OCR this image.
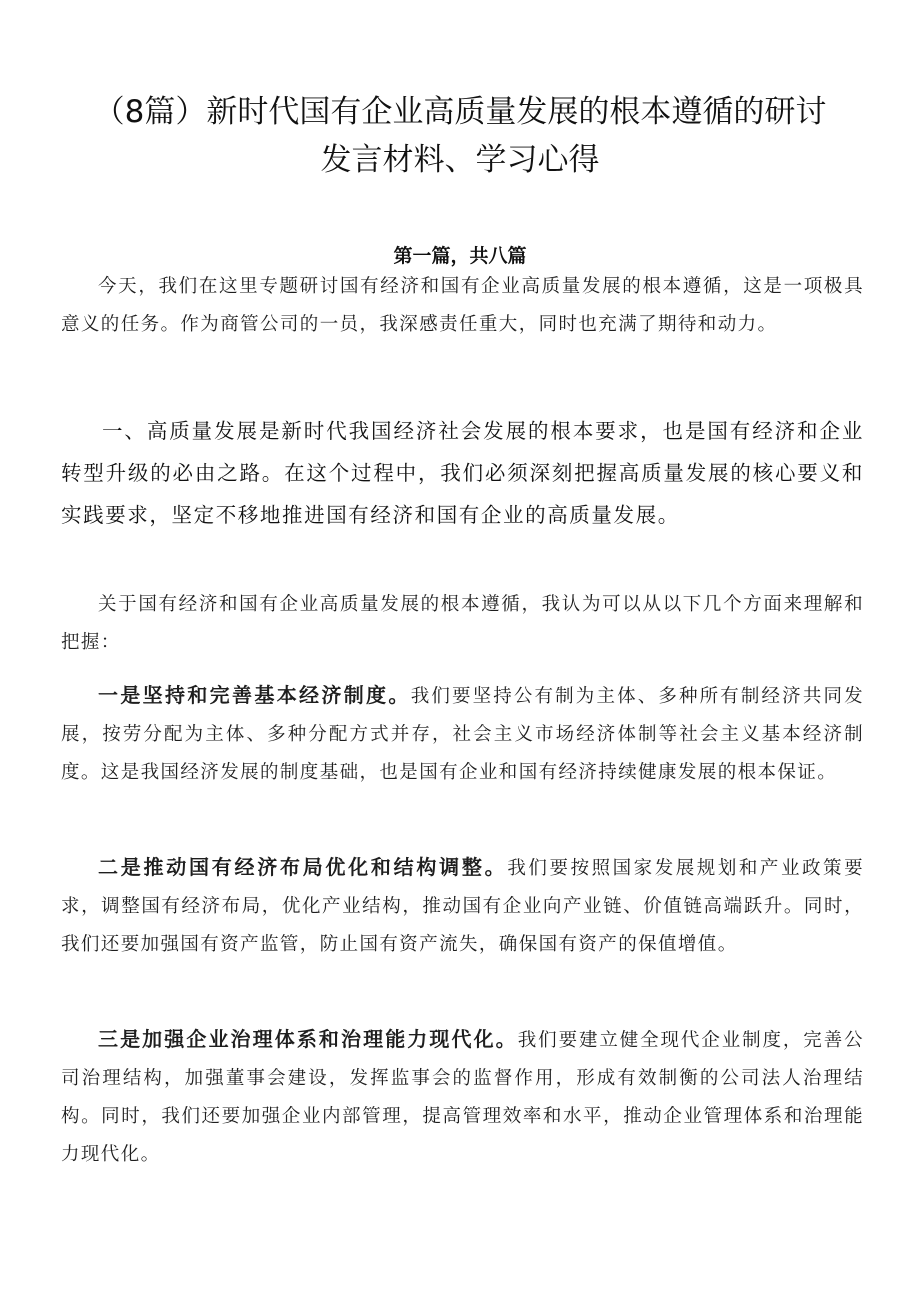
（8篇）新时代国有企业高质量发展的根本遵循的研讨
发言材料、学习心得
第一篇，共八篇

今天，我们在这里专题研讨国有经济和国有企业高质量发展的根本遵循，这是一项极具意义的任务。作为商管公司的一员，我深感责任重大，同时也充满了期待和动力。

一、高质量发展是新时代我国经济社会发展的根本要求，也是国有经济和企业转型升级的必由之路。在这个过程中，我们必须深刻把握高质量发展的核心要义和实践要求，坚定不移地推进国有经济和国有企业的高质量发展。

关于国有经济和国有企业高质量发展的根本遵循，我认为可以从以下几个方面来理解和把握：

一是坚持和完善基本经济制度。我们要坚持公有制为主体、多种所有制经济共同发展，按劳分配为主体、多种分配方式并存，社会主义市场经济体制等社会主义基本经济制度。这是我国经济发展的制度基础，也是国有企业和国有经济持续健康发展的根本保证。

二是推动国有经济布局优化和结构调整。我们要按照国家发展规划和产业政策要求，调整国有经济布局，优化产业结构，推动国有企业向产业链、价值链高端跃升。同时，我们还要加强国有资产监管，防止国有资产流失，确保国有资产的保值增值。

三是加强企业治理体系和治理能力现代化。我们要建立健全现代企业制度，完善公司治理结构，加强董事会建设，发挥监事会的监督作用，形成有效制衡的公司法人治理结构。同时，我们还要加强企业内部管理，提高管理效率和水平，推动企业管理体系和治理能力现代化。
